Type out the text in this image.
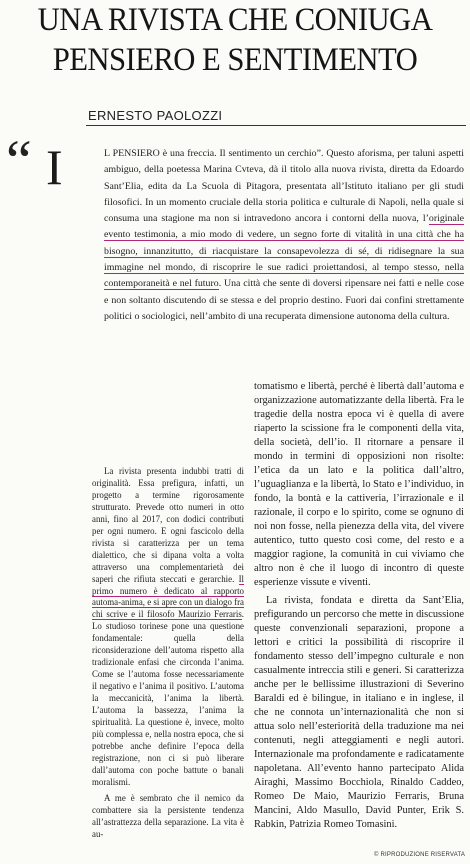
UNA RIVISTA CHE CONIUGA
PENSIERO E SENTIMENTO
ERNESTO PAOLOZZI
“ I	L PENSIERO è una freccia. Il sentimento un cerchio”. Questo aforisma, per taluni aspetti ambiguo, della poetessa Marina Cvteva, dà il titolo alla nuova rivista, diretta da Edoardo Sant’Elia, edita da La Scuola di Pitagora, presentata all’Istituto italiano per gli studi filosofici. In un momento cruciale della storia politica e culturale di Napoli, nella quale si consuma una stagione ma non si intravedono ancora i contorni della nuova, l’originale evento testimonia, a mio modo di vedere, un segno forte di vitalità in una città che ha bisogno, innanzitutto, di riacquistare la consapevolezza di sé, di ridisegnare la sua immagine nel mondo, di riscoprire le sue radici proiettandosi, al tempo stesso, nella contemporaneità e nel futuro. Una città che sente di doversi ripensare nei fatti e nelle cose e non soltanto discutendo di se stessa e del proprio destino. Fuori dai confini strettamente politici o sociologici, nell’ambito di una recuperata dimensione autonoma della cultura.

La rivista presenta indubbi tratti di originalità. Essa prefigura, infatti, un progetto a termine rigorosamente strutturato. Prevede otto numeri in otto anni, fino al 2017, con dodici contributi per ogni numero. E ogni fascicolo della rivista si caratterizza per un tema dialettico, che si dipana volta a volta attraverso una complementarietà dei saperi che rifiuta steccati e gerarchie. Il primo numero è dedicato al rapporto automa-anima, e si apre con un dialogo fra chi scrive e il filosofo Maurizio Ferraris. Lo studioso torinese pone una questione fondamentale: quella della riconsiderazione dell’automa rispetto alla tradizionale enfasi che circonda l’anima. Come se l’automa fosse necessariamente il negativo e l’anima il positivo. L’automa la meccanicità, l’anima la libertà. L’automa la bassezza, l’anima la spiritualità. La questione è, invece, molto più complessa e, nella nostra epoca, che si potrebbe anche definire l’epoca della registrazione, non ci si può liberare dall’automa con poche battute o banali moralismi.

A me è sembrato che il nemico da combattere sia la persistente tendenza all’astrattezza della separazione. La vita è au-

tomatismo e libertà, perché è libertà dall’automa e organizzazione automatizzante della libertà. Fra le tragedie della nostra epoca vi è quella di avere riaperto la scissione fra le componenti della vita, della società, dell’io. Il ritornare a pensare il mondo in termini di opposizioni non risolte: l’etica da un lato e la politica dall’altro, l’uguaglianza e la libertà, lo Stato e l’individuo, in fondo, la bontà e la cattiveria, l’irrazionale e il razionale, il corpo e lo spirito, come se ognuno di noi non fosse, nella pienezza della vita, del vivere autentico, tutto questo così come, del resto e a maggior ragione, la comunità in cui viviamo che altro non è che il luogo di incontro di queste esperienze vissute e viventi.

La rivista, fondata e diretta da Sant’Elia, prefigurando un percorso che mette in discussione queste convenzionali separazioni, propone a lettori e critici la possibilità di riscoprire il fondamento stesso dell’impegno culturale e non casualmente intreccia stili e generi. Si caratterizza anche per le bellissime illustrazioni di Severino Baraldi ed è bilingue, in italiano e in inglese, il che ne connota un’internazionalità che non si attua solo nell’esteriorità della traduzione ma nei contenuti, negli atteggiamenti e negli autori. Internazionale ma profondamente e radicatamente napoletana. All’evento hanno partecipato Alida Airaghi, Massimo Bocchiola, Rinaldo Caddeo, Romeo De Maio, Maurizio Ferraris, Bruna Mancini, Aldo Masullo, David Punter, Erik S. Rabkin, Patrizia Romeo Tomasini.

© RIPRODUZIONE RISERVATA
